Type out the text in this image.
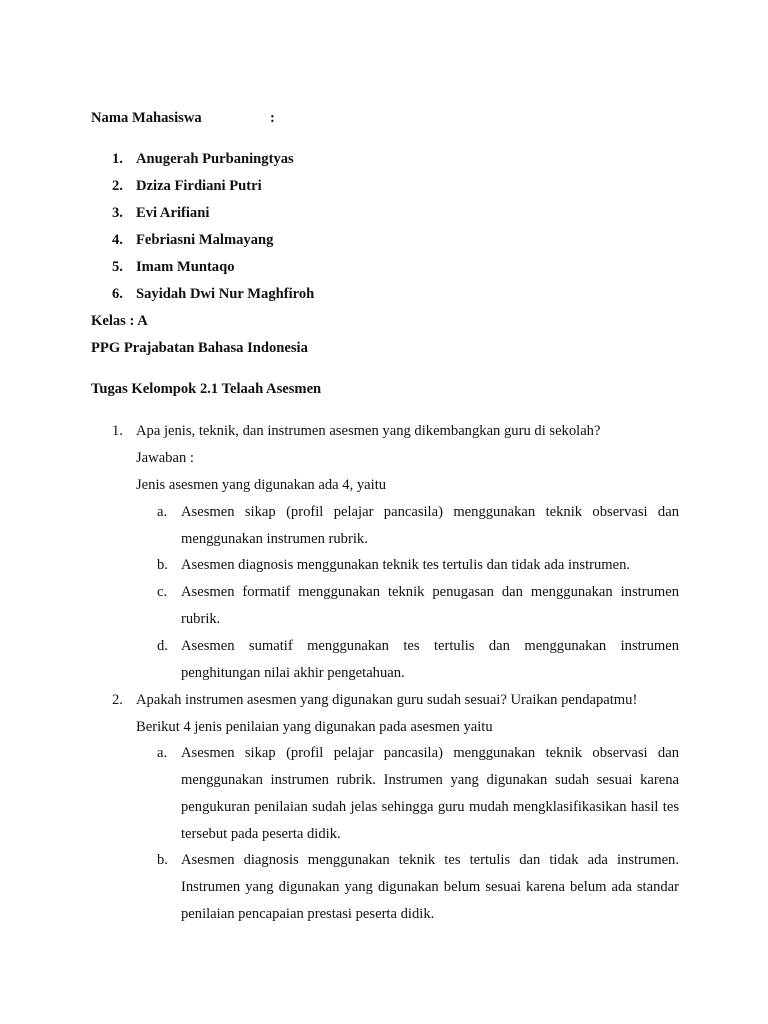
Nama Mahasiswa	:
1. Anugerah Purbaningtyas
2. Dziza Firdiani Putri
3. Evi Arifiani
4. Febriasni Malmayang
5. Imam Muntaqo
6. Sayidah Dwi Nur Maghfiroh
Kelas : A
PPG Prajabatan Bahasa Indonesia
Tugas Kelompok 2.1 Telaah Asesmen
1. Apa jenis, teknik, dan instrumen asesmen yang dikembangkan guru di sekolah?
Jawaban :
Jenis asesmen yang digunakan ada 4, yaitu
a. Asesmen sikap (profil pelajar pancasila) menggunakan teknik observasi dan menggunakan instrumen rubrik.
b. Asesmen diagnosis menggunakan teknik tes tertulis dan tidak ada instrumen.
c. Asesmen formatif menggunakan teknik penugasan dan menggunakan instrumen rubrik.
d. Asesmen sumatif menggunakan tes tertulis dan menggunakan instrumen penghitungan nilai akhir pengetahuan.
2. Apakah instrumen asesmen yang digunakan guru sudah sesuai? Uraikan pendapatmu!
Berikut 4 jenis penilaian yang digunakan pada asesmen yaitu
a. Asesmen sikap (profil pelajar pancasila) menggunakan teknik observasi dan menggunakan instrumen rubrik. Instrumen yang digunakan sudah sesuai karena pengukuran penilaian sudah jelas sehingga guru mudah mengklasifikasikan hasil tes tersebut pada peserta didik.
b. Asesmen diagnosis menggunakan teknik tes tertulis dan tidak ada instrumen. Instrumen yang digunakan yang digunakan belum sesuai karena belum ada standar penilaian pencapaian prestasi peserta didik.
